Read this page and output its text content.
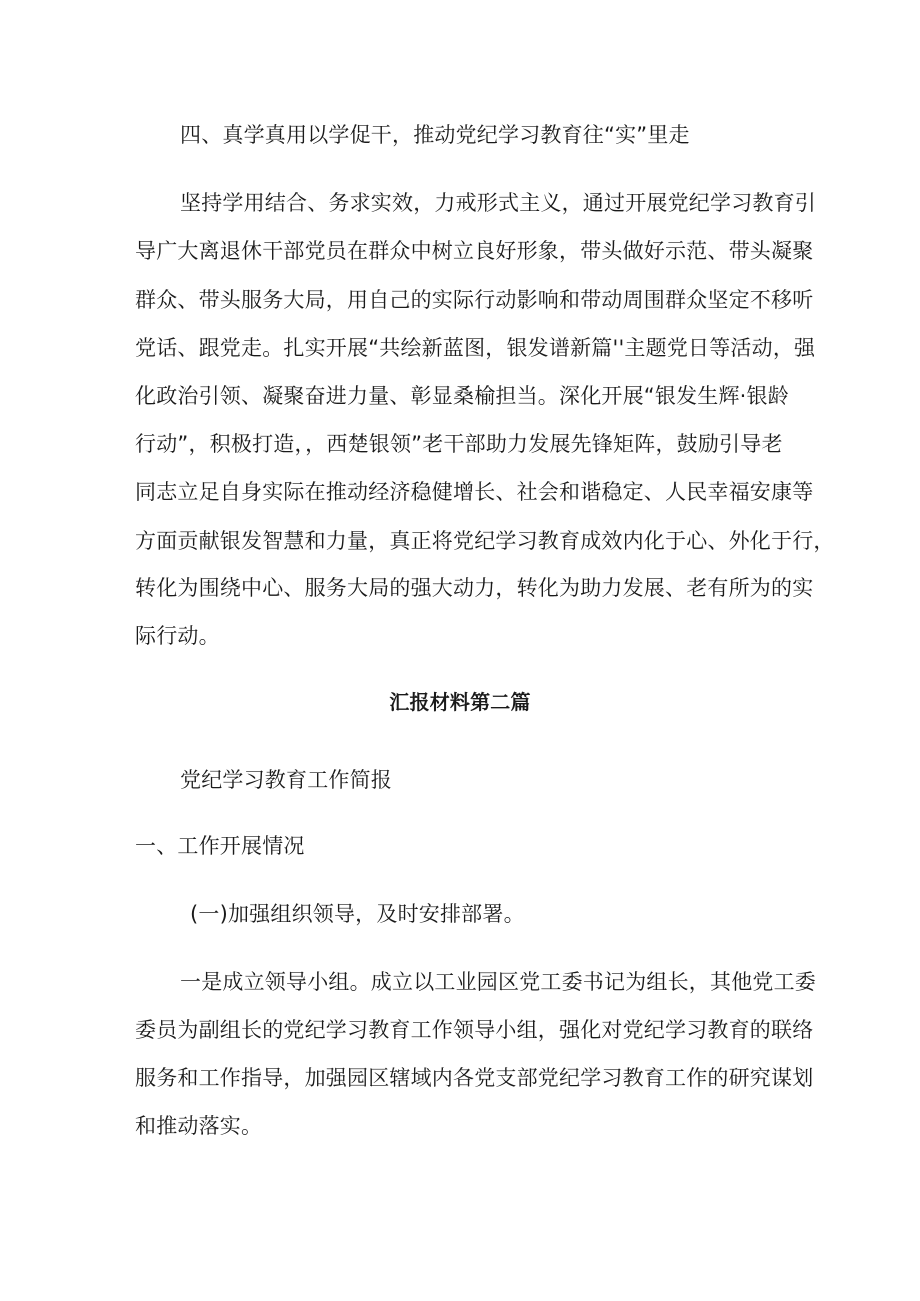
四、真学真用以学促干，推动党纪学习教育往“实”里走
坚持学用结合、务求实效，力戒形式主义，通过开展党纪学习教育引
导广大离退休干部党员在群众中树立良好形象，带头做好示范、带头凝聚
群众、带头服务大局，用自己的实际行动影响和带动周围群众坚定不移听
党话、跟党走。扎实开展“共绘新蓝图，银发谱新篇''主题党日等活动，强
化政治引领、凝聚奋进力量、彰显桑榆担当。深化开展“银发生辉·银龄
行动”，积极打造，，西楚银领”老干部助力发展先锋矩阵，鼓励引导老
同志立足自身实际在推动经济稳健增长、社会和谐稳定、人民幸福安康等
方面贡献银发智慧和力量，真正将党纪学习教育成效内化于心、外化于行，
转化为围绕中心、服务大局的强大动力，转化为助力发展、老有所为的实
际行动。
汇报材料第二篇
党纪学习教育工作简报
一、工作开展情况
(一)加强组织领导，及时安排部署。
一是成立领导小组。成立以工业园区党工委书记为组长，其他党工委
委员为副组长的党纪学习教育工作领导小组，强化对党纪学习教育的联络
服务和工作指导，加强园区辖域内各党支部党纪学习教育工作的研究谋划
和推动落实。
